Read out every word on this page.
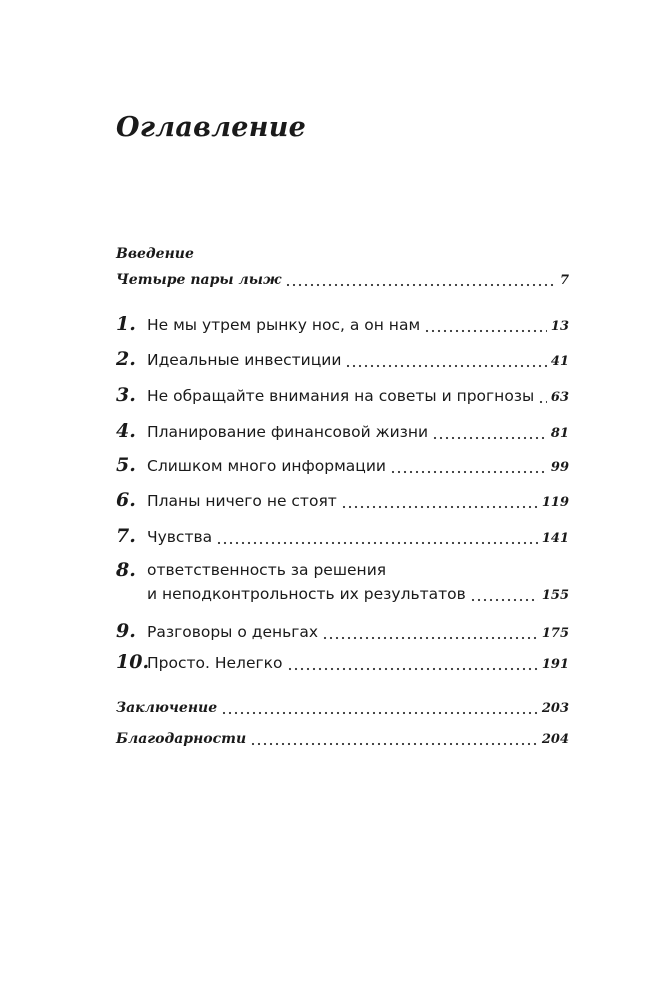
Оглавление
Введение
Четыре пары лыж	7
1. Не мы утрем рынку нос, а он нам	13
2. Идеальные инвестиции	41
3. Не обращайте внимания на советы и прогнозы 63
4. Планирование финансовой жизни	81
5. Слишком много информации	99
6. Планы ничего не стоят	119
7. Чувства	141
8. ответственность за решения
и неподконтрольность их результатов	155
9. Разговоры о деньгах	175
10.
Просто. Нелегко	191
Заключение	203
Благодарности	204
